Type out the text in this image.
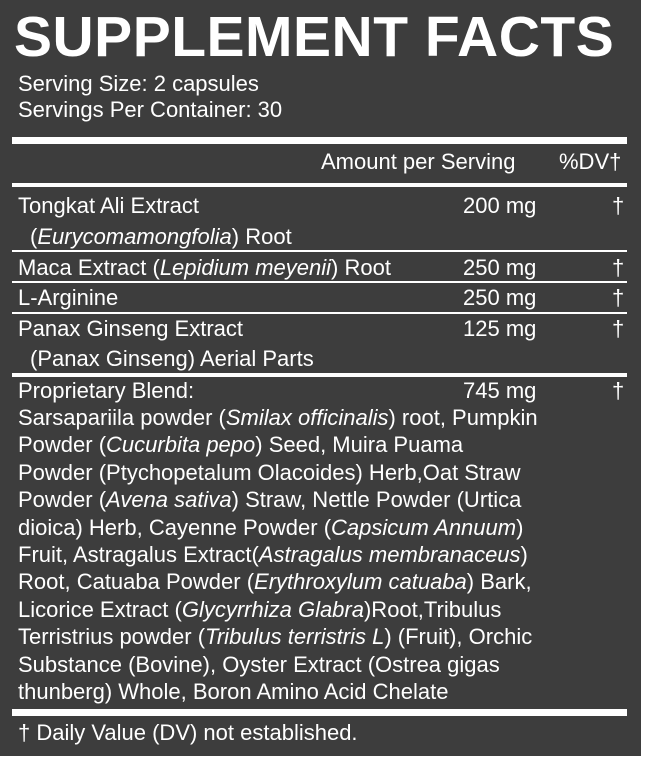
SUPPLEMENT FACTS
Serving Size: 2 capsules
Servings Per Container: 30
Amount per Serving %DV†
Tongkat Ali Extract
(Eurycomamongfolia) Root
200 mg	†
Maca Extract (Lepidium meyenii) Root	250 mg	†
L-Arginine	250 mg	†
Panax Ginseng Extract
(Panax Ginseng) Aerial Parts
125 mg	†
Proprietary Blend:	745 mg	†
Sarsapariila powder (Smilax officinalis) root, Pumpkin
Powder (Cucurbita pepo) Seed, Muira Puama
Powder (Ptychopetalum Olacoides) Herb,Oat Straw
Powder (Avena sativa) Straw, Nettle Powder (Urtica
dioica) Herb, Cayenne Powder (Capsicum Annuum)
Fruit, Astragalus Extract(Astragalus membranaceus)
Root, Catuaba Powder (Erythroxylum catuaba) Bark,
Licorice Extract (Glycyrrhiza Glabra)Root,Tribulus
Terristrius powder (Tribulus terristris L) (Fruit), Orchic
Substance (Bovine), Oyster Extract (Ostrea gigas
thunberg) Whole, Boron Amino Acid Chelate
† Daily Value (DV) not established.
